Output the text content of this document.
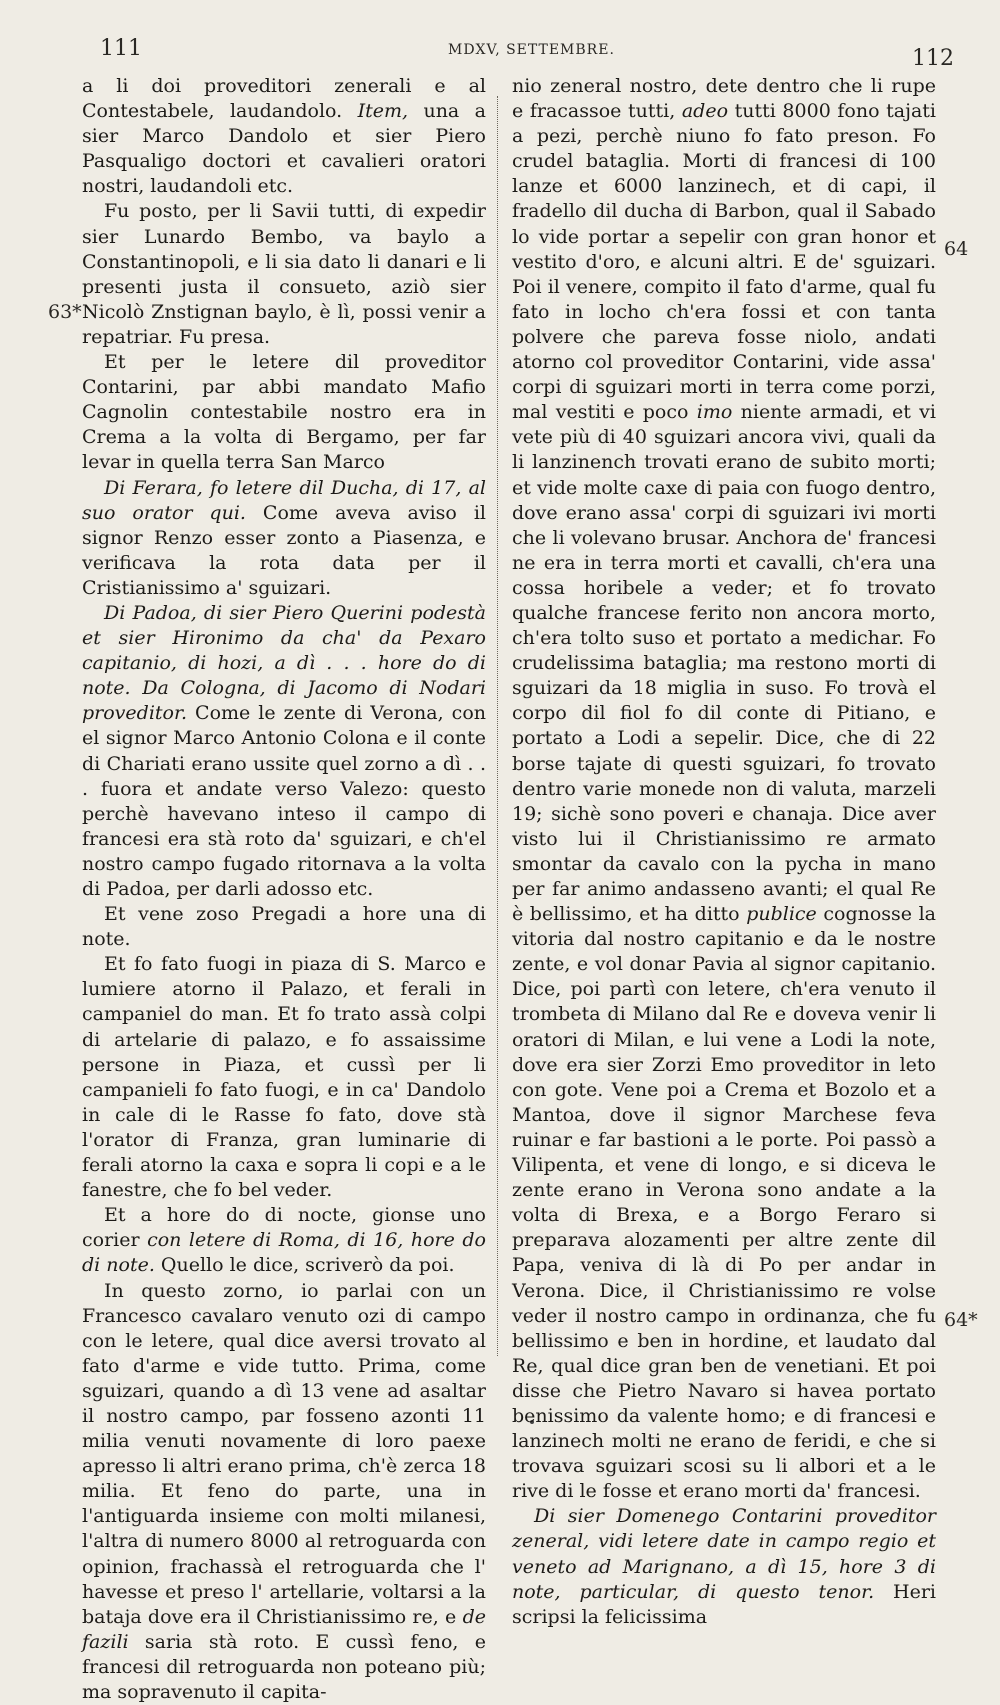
111	MDXV, SETTEMBRE.	112
63*
64
64*

a li doi proveditori zenerali e al Contestabele, laudandolo. Item, una a sier Marco Dandolo et sier Piero Pasqualigo doctori et cavalieri oratori nostri, laudandoli etc.

Fu posto, per li Savii tutti, di expedir sier Lunardo Bembo, va baylo a Constantinopoli, e li sia dato li danari e li presenti justa il consueto, aziò sier Nicolò Znstignan baylo, è lì, possi venir a repatriar. Fu presa.

Et per le letere dil proveditor Contarini, par abbi mandato Mafio Cagnolin contestabile nostro era in Crema a la volta di Bergamo, per far levar in quella terra San Marco

Di Ferara, fo letere dil Ducha, di 17, al suo orator qui. Come aveva aviso il signor Renzo esser zonto a Piasenza, e verificava la rota data per il Cristianissimo a' sguizari.

Di Padoa, di sier Piero Querini podestà et sier Hironimo da cha' da Pexaro capitanio, di hozi, a dì . . . hore do di note. Da Cologna, di Jacomo di Nodari proveditor. Come le zente di Verona, con el signor Marco Antonio Colona e il conte di Chariati erano ussite quel zorno a dì . . . fuora et andate verso Valezo: questo perchè havevano inteso il campo di francesi era stà roto da' sguizari, e ch'el nostro campo fugado ritornava a la volta di Padoa, per darli adosso etc.

Et vene zoso Pregadi a hore una di note.

Et fo fato fuogi in piaza di S. Marco e lumiere atorno il Palazo, et ferali in campaniel do man. Et fo trato assà colpi di artelarie di palazo, e fo assaissime persone in Piaza, et cussì per li campanieli fo fato fuogi, e in ca' Dandolo in cale di le Rasse fo fato, dove stà l'orator di Franza, gran luminarie di ferali atorno la caxa e sopra li copi e a le fanestre, che fo bel veder.

Et a hore do di nocte, gionse uno corier con letere di Roma, di 16, hore do di note. Quello le dice, scriverò da poi.

In questo zorno, io parlai con un Francesco cavalaro venuto ozi di campo con le letere, qual dice aversi trovato al fato d'arme e vide tutto. Prima, come sguizari, quando a dì 13 vene ad asaltar il nostro campo, par fosseno azonti 11 milia venuti novamente di loro paexe apresso li altri erano prima, ch'è zerca 18 milia. Et feno do parte, una in l'antiguarda insieme con molti milanesi, l'altra di numero 8000 al retroguarda con opinion, frachassà el retroguarda che l' havesse et preso l' artellarie, voltarsi a la bataja dove era il Christianissimo re, e de fazili saria stà roto. E cussì feno, e francesi dil retroguarda non poteano più; ma sopravenuto il capita-

nio zeneral nostro, dete dentro che li rupe e fracassoe tutti, adeo tutti 8000 fono tajati a pezi, perchè niuno fo fato preson. Fo crudel bataglia. Morti di francesi di 100 lanze et 6000 lanzinech, et di capi, il fradello dil ducha di Barbon, qual il Sabado lo vide portar a sepelir con gran honor et vestito d'oro, e alcuni altri. E de' sguizari. Poi il venere, compito il fato d'arme, qual fu fato in locho ch'era fossi et con tanta polvere che pareva fosse niolo, andati atorno col proveditor Contarini, vide assa' corpi di sguizari morti in terra come porzi, mal vestiti e poco imo niente armadi, et vi vete più di 40 sguizari ancora vivi, quali da li lanzinench trovati erano de subito morti; et vide molte caxe di paia con fuogo dentro, dove erano assa' corpi di sguizari ivi morti che li volevano brusar. Anchora de' francesi ne era in terra morti et cavalli, ch'era una cossa horibele a veder; et fo trovato qualche francese ferito non ancora morto, ch'era tolto suso et portato a medichar. Fo crudelissima bataglia; ma restono morti di sguizari da 18 miglia in suso. Fo trovà el corpo dil fiol fo dil conte di Pitiano, e portato a Lodi a sepelir. Dice, che di 22 borse tajate di questi sguizari, fo trovato dentro varie monede non di valuta, marzeli 19; sichè sono poveri e chanaja. Dice aver visto lui il Christianissimo re armato smontar da cavalo con la pycha in mano per far animo andasseno avanti; el qual Re è bellissimo, et ha ditto publice cognosse la vitoria dal nostro capitanio e da le nostre zente, e vol donar Pavia al signor capitanio. Dice, poi partì con letere, ch'era venuto il trombeta di Milano dal Re e doveva venir li oratori di Milan, e lui vene a Lodi la note, dove era sier Zorzi Emo proveditor in leto con gote. Vene poi a Crema et Bozolo et a Mantoa, dove il signor Marchese feva ruinar e far bastioni a le porte. Poi passò a Vilipenta, et vene di longo, e si diceva le zente erano in Verona sono andate a la volta di Brexa, e a Borgo Feraro si preparava alozamenti per altre zente dil Papa, veniva di là di Po per andar in Verona. Dice, il Christianissimo re volse veder il nostro campo in ordinanza, che fu bellissimo e ben in hordine, et laudato dal Re, qual dice gran ben de venetiani. Et poi disse che Pietro Navaro si havea portato benissimo da valente homo; e di francesi e lanzinech molti ne erano de feridi, e che si trovava sguizari scosi su li albori et a le rive di le fosse et erano morti da' francesi.

Di sier Domenego Contarini proveditor zeneral, vidi letere date in campo regio et veneto ad Marignano, a dì 15, hore 3 di note, particular, di questo tenor. Heri scripsi la felicissima
